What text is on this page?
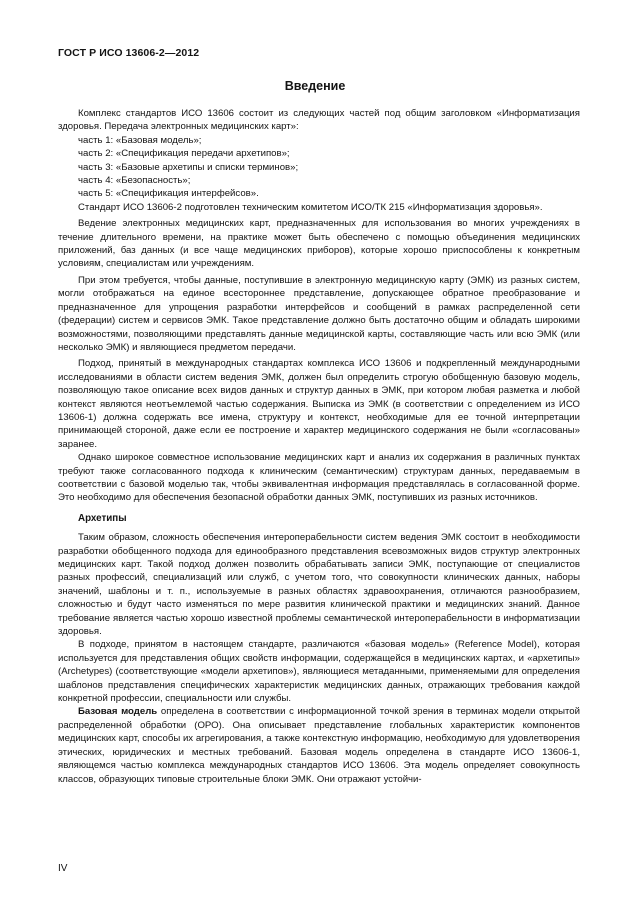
ГОСТ Р ИСО 13606-2—2012
Введение

Комплекс стандартов ИСО 13606 состоит из следующих частей под общим заголовком «Информатизация здоровья. Передача электронных медицинских карт»:

часть 1: «Базовая модель»;

часть 2: «Спецификация передачи архетипов»;

часть 3: «Базовые архетипы и списки терминов»;

часть 4: «Безопасность»;

часть 5: «Спецификация интерфейсов».

Стандарт ИСО 13606-2 подготовлен техническим комитетом ИСО/ТК 215 «Информатизация здоровья».

Ведение электронных медицинских карт, предназначенных для использования во многих учреждениях в течение длительного времени, на практике может быть обеспечено с помощью объединения медицинских приложений, баз данных (и все чаще медицинских приборов), которые хорошо приспособлены к конкретным условиям, специалистам или учреждениям.

При этом требуется, чтобы данные, поступившие в электронную медицинскую карту (ЭМК) из разных систем, могли отображаться на единое всестороннее представление, допускающее обратное преобразование и предназначенное для упрощения разработки интерфейсов и сообщений в рамках распределенной сети (федерации) систем и сервисов ЭМК. Такое представление должно быть достаточно общим и обладать широкими возможностями, позволяющими представлять данные медицинской карты, составляющие часть или всю ЭМК (или несколько ЭМК) и являющиеся предметом передачи.

Подход, принятый в международных стандартах комплекса ИСО 13606 и подкрепленный международными исследованиями в области систем ведения ЭМК, должен был определить строгую обобщенную базовую модель, позволяющую такое описание всех видов данных и структур данных в ЭМК, при котором любая разметка и любой контекст являются неотъемлемой частью содержания. Выписка из ЭМК (в соответствии с определением из ИСО 13606-1) должна содержать все имена, структуру и контекст, необходимые для ее точной интерпретации принимающей стороной, даже если ее построение и характер медицинского содержания не были «согласованы» заранее.

Однако широкое совместное использование медицинских карт и анализ их содержания в различных пунктах требуют также согласованного подхода к клиническим (семантическим) структурам данных, передаваемым в соответствии с базовой моделью так, чтобы эквивалентная информация представлялась в согласованной форме. Это необходимо для обеспечения безопасной обработки данных ЭМК, поступивших из разных источников.

Архетипы

Таким образом, сложность обеспечения интероперабельности систем ведения ЭМК состоит в необходимости разработки обобщенного подхода для единообразного представления всевозможных видов структур электронных медицинских карт. Такой подход должен позволить обрабатывать записи ЭМК, поступающие от специалистов разных профессий, специализаций или служб, с учетом того, что совокупности клинических данных, наборы значений, шаблоны и т. п., используемые в разных областях здравоохранения, отличаются разнообразием, сложностью и будут часто изменяться по мере развития клинической практики и медицинских знаний. Данное требование является частью хорошо известной проблемы семантической интероперабельности в информатизации здоровья.

В подходе, принятом в настоящем стандарте, различаются «базовая модель» (Reference Model), которая используется для представления общих свойств информации, содержащейся в медицинских картах, и «архетипы» (Archetypes) (соответствующие «модели архетипов»), являющиеся метаданными, применяемыми для определения шаблонов представления специфических характеристик медицинских данных, отражающих требования каждой конкретной профессии, специальности или службы.

Базовая модель определена в соответствии с информационной точкой зрения в терминах модели открытой распределенной обработки (ОРО). Она описывает представление глобальных характеристик компонентов медицинских карт, способы их агрегирования, а также контекстную информацию, необходимую для удовлетворения этических, юридических и местных требований. Базовая модель определена в стандарте ИСО 13606-1, являющемся частью комплекса международных стандартов ИСО 13606. Эта модель определяет совокупность классов, образующих типовые строительные блоки ЭМК. Они отражают устойчи-

IV
